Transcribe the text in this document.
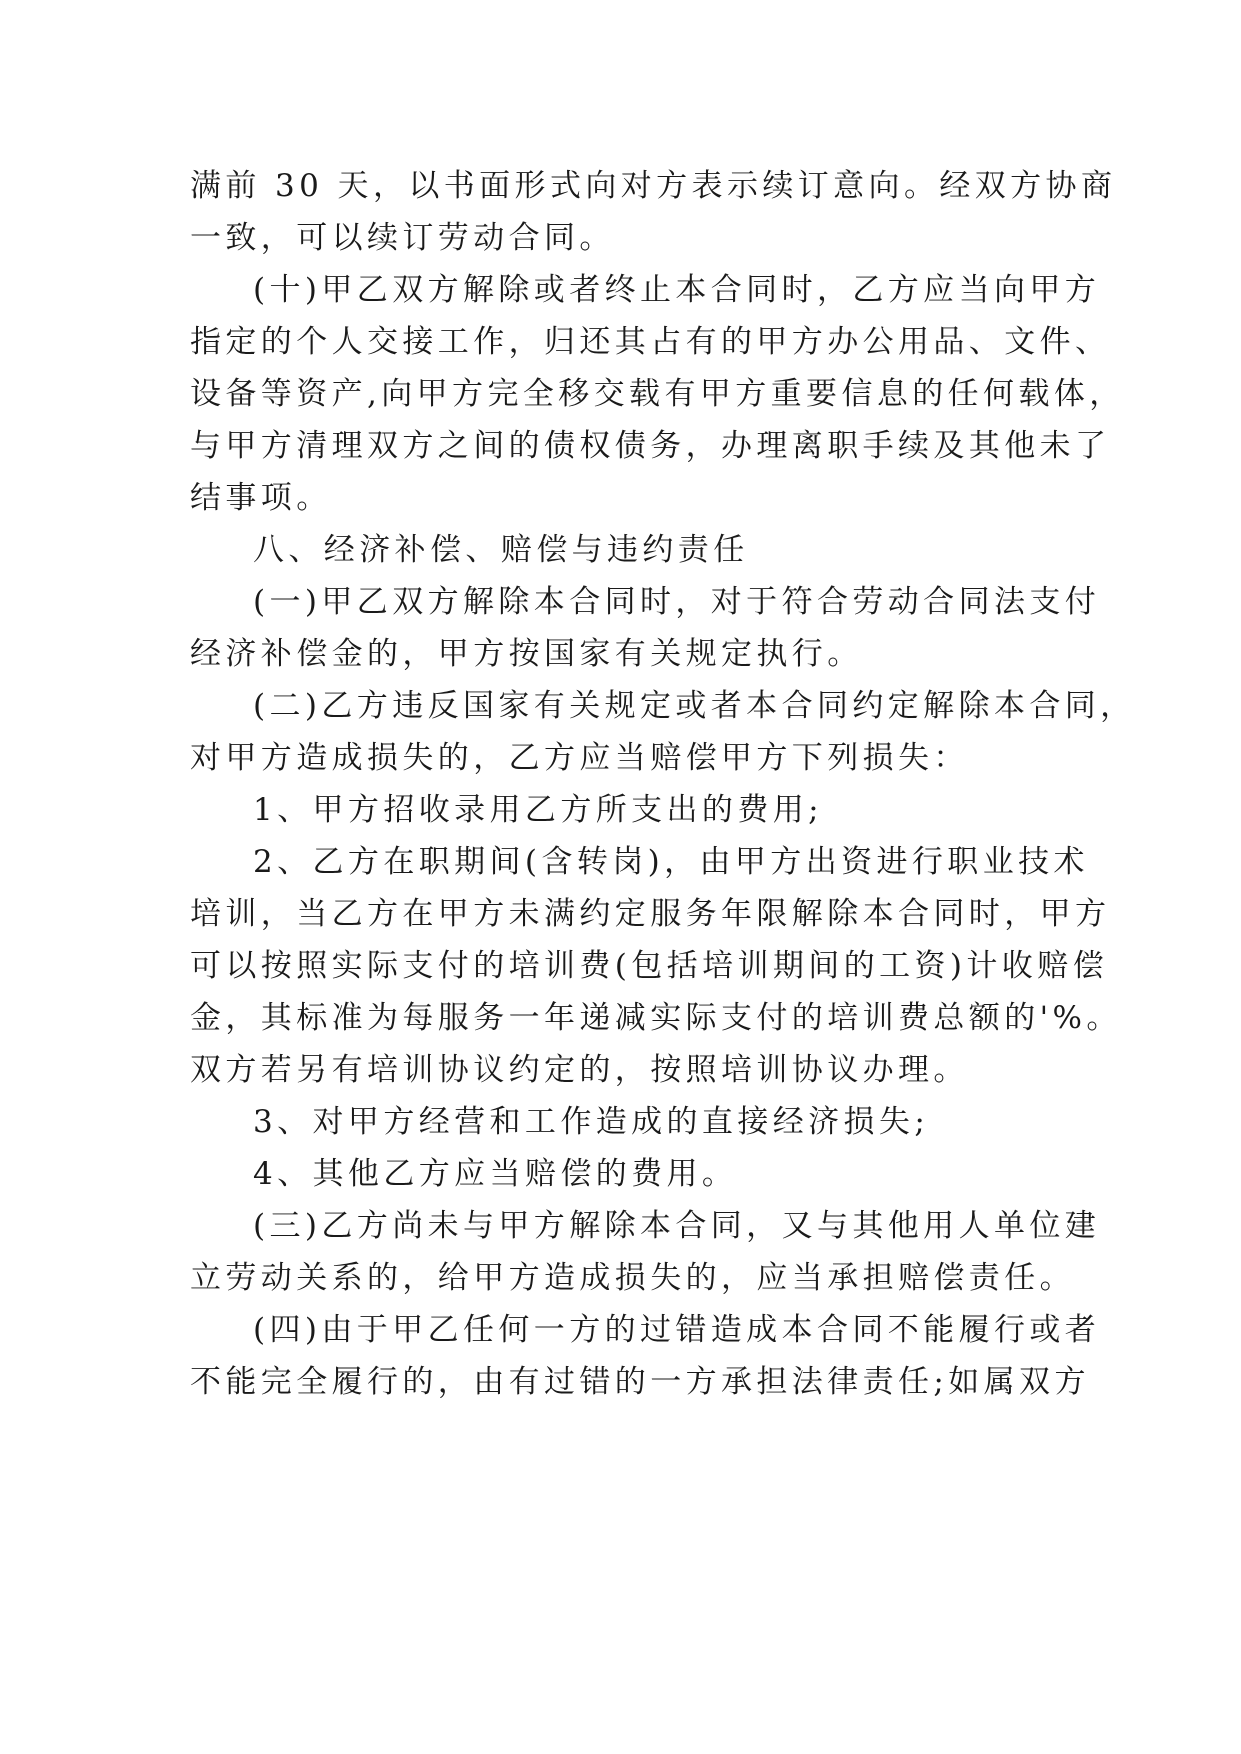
满前 30 天，以书面形式向对方表示续订意向。经双方协商
一致，可以续订劳动合同。
(十)甲乙双方解除或者终止本合同时，乙方应当向甲方
指定的个人交接工作，归还其占有的甲方办公用品、文件、
设备等资产,向甲方完全移交载有甲方重要信息的任何载体，
与甲方清理双方之间的债权债务，办理离职手续及其他未了
结事项。
八、经济补偿、赔偿与违约责任
(一)甲乙双方解除本合同时，对于符合劳动合同法支付
经济补偿金的，甲方按国家有关规定执行。
(二)乙方违反国家有关规定或者本合同约定解除本合同，
对甲方造成损失的，乙方应当赔偿甲方下列损失：
1、甲方招收录用乙方所支出的费用;
2、乙方在职期间(含转岗)，由甲方出资进行职业技术
培训，当乙方在甲方未满约定服务年限解除本合同时，甲方
可以按照实际支付的培训费(包括培训期间的工资)计收赔偿
金，其标准为每服务一年递减实际支付的培训费总额的'%。
双方若另有培训协议约定的，按照培训协议办理。
3、对甲方经营和工作造成的直接经济损失;
4、其他乙方应当赔偿的费用。
(三)乙方尚未与甲方解除本合同，又与其他用人单位建
立劳动关系的，给甲方造成损失的，应当承担赔偿责任。
(四)由于甲乙任何一方的过错造成本合同不能履行或者
不能完全履行的，由有过错的一方承担法律责任;如属双方
